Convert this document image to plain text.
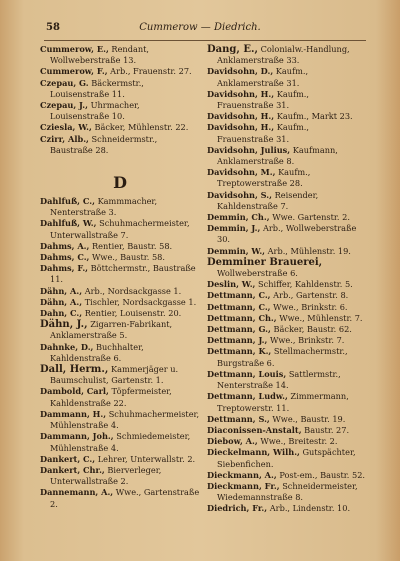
58	Cummerow — Diedrich.

Cummerow, E., Rendant, Wollweberstraße 13.

Cummerow, F., Arb., Frauenstr. 27.

Czepau, G. Bäckermstr., Louisenstraße 11.

Czepau, J., Uhrmacher, Louisenstraße 10.

Cziesla, W., Bäcker, Mühlenstr. 22.

Czirr, Alb., Schneidermstr., Baustraße 28.

D

Dahlfuß, C., Kammmacher, Nenterstraße 3.

Dahlfuß, W., Schuhmachermeister, Unterwallstraße 7.

Dahms, A., Rentier, Baustr. 58.

Dahms, C., Wwe., Baustr. 58.

Dahms, F., Böttchermstr., Baustraße 11.

Dähn, A., Arb., Nordsackgasse 1.

Dähn, A., Tischler, Nordsackgasse 1.

Dahn, C., Rentier, Louisenstr. 20.

Dähn, J., Zigarren-Fabrikant, Anklamerstraße 5.

Dahnke, D., Buchhalter, Kahldenstraße 6.

Dall, Herm., Kammerjäger u. Baumschulist, Gartenstr. 1.

Dambold, Carl, Töpfermeister, Kahldenstraße 22.

Dammann, H., Schuhmachermeister, Mühlenstraße 4.

Dammann, Joh., Schmiedemeister, Mühlenstraße 4.

Dankert, C., Lehrer, Unterwallstr. 2.

Dankert, Chr., Bierverleger, Unterwallstraße 2.

Dannemann, A., Wwe., Gartenstraße 2.

Dang, E., Colonialw.-Handlung, Anklamerstraße 33.

Davidsohn, D., Kaufm., Anklamerstraße 31.

Davidsohn, H., Kaufm., Frauenstraße 31.

Davidsohn, H., Kaufm., Markt 23.

Davidsohn, H., Kaufm., Frauenstraße 31.

Davidsohn, Julius, Kaufmann, Anklamerstraße 8.

Davidsohn, M., Kaufm., Treptowerstraße 28.

Davidsohn, S., Reisender, Kahldenstraße 7.

Demmin, Ch., Wwe. Gartenstr. 2.

Demmin, J., Arb., Wollweberstraße 30.

Demmin, W., Arb., Mühlenstr. 19.

Demminer Brauerei, Wollweberstraße 6.

Deslin, W., Schiffer, Kahldenstr. 5.

Dettmann, C., Arb., Gartenstr. 8.

Dettmann, C., Wwe., Brinkstr. 6.

Dettmann, Ch., Wwe., Mühlenstr. 7.

Dettmann, G., Bäcker, Baustr. 62.

Dettmann, J., Wwe., Brinkstr. 7.

Dettmann, K., Stellmachermstr., Burgstraße 6.

Dettmann, Louis, Sattlermstr., Nenterstraße 14.

Dettmann, Ludw., Zimmermann, Treptowerstr. 11.

Dettmann, S., Wwe., Baustr. 19.

Diaconissen-Anstalt, Baustr. 27.

Diebow, A., Wwe., Breitestr. 2.

Dieckelmann, Wilh., Gutspächter, Siebenfichen.

Dieckmann, A., Post-em., Baustr. 52.

Dieckmann, Fr., Schneidermeister, Wiedemannstraße 8.

Diedrich, Fr., Arb., Lindenstr. 10.
